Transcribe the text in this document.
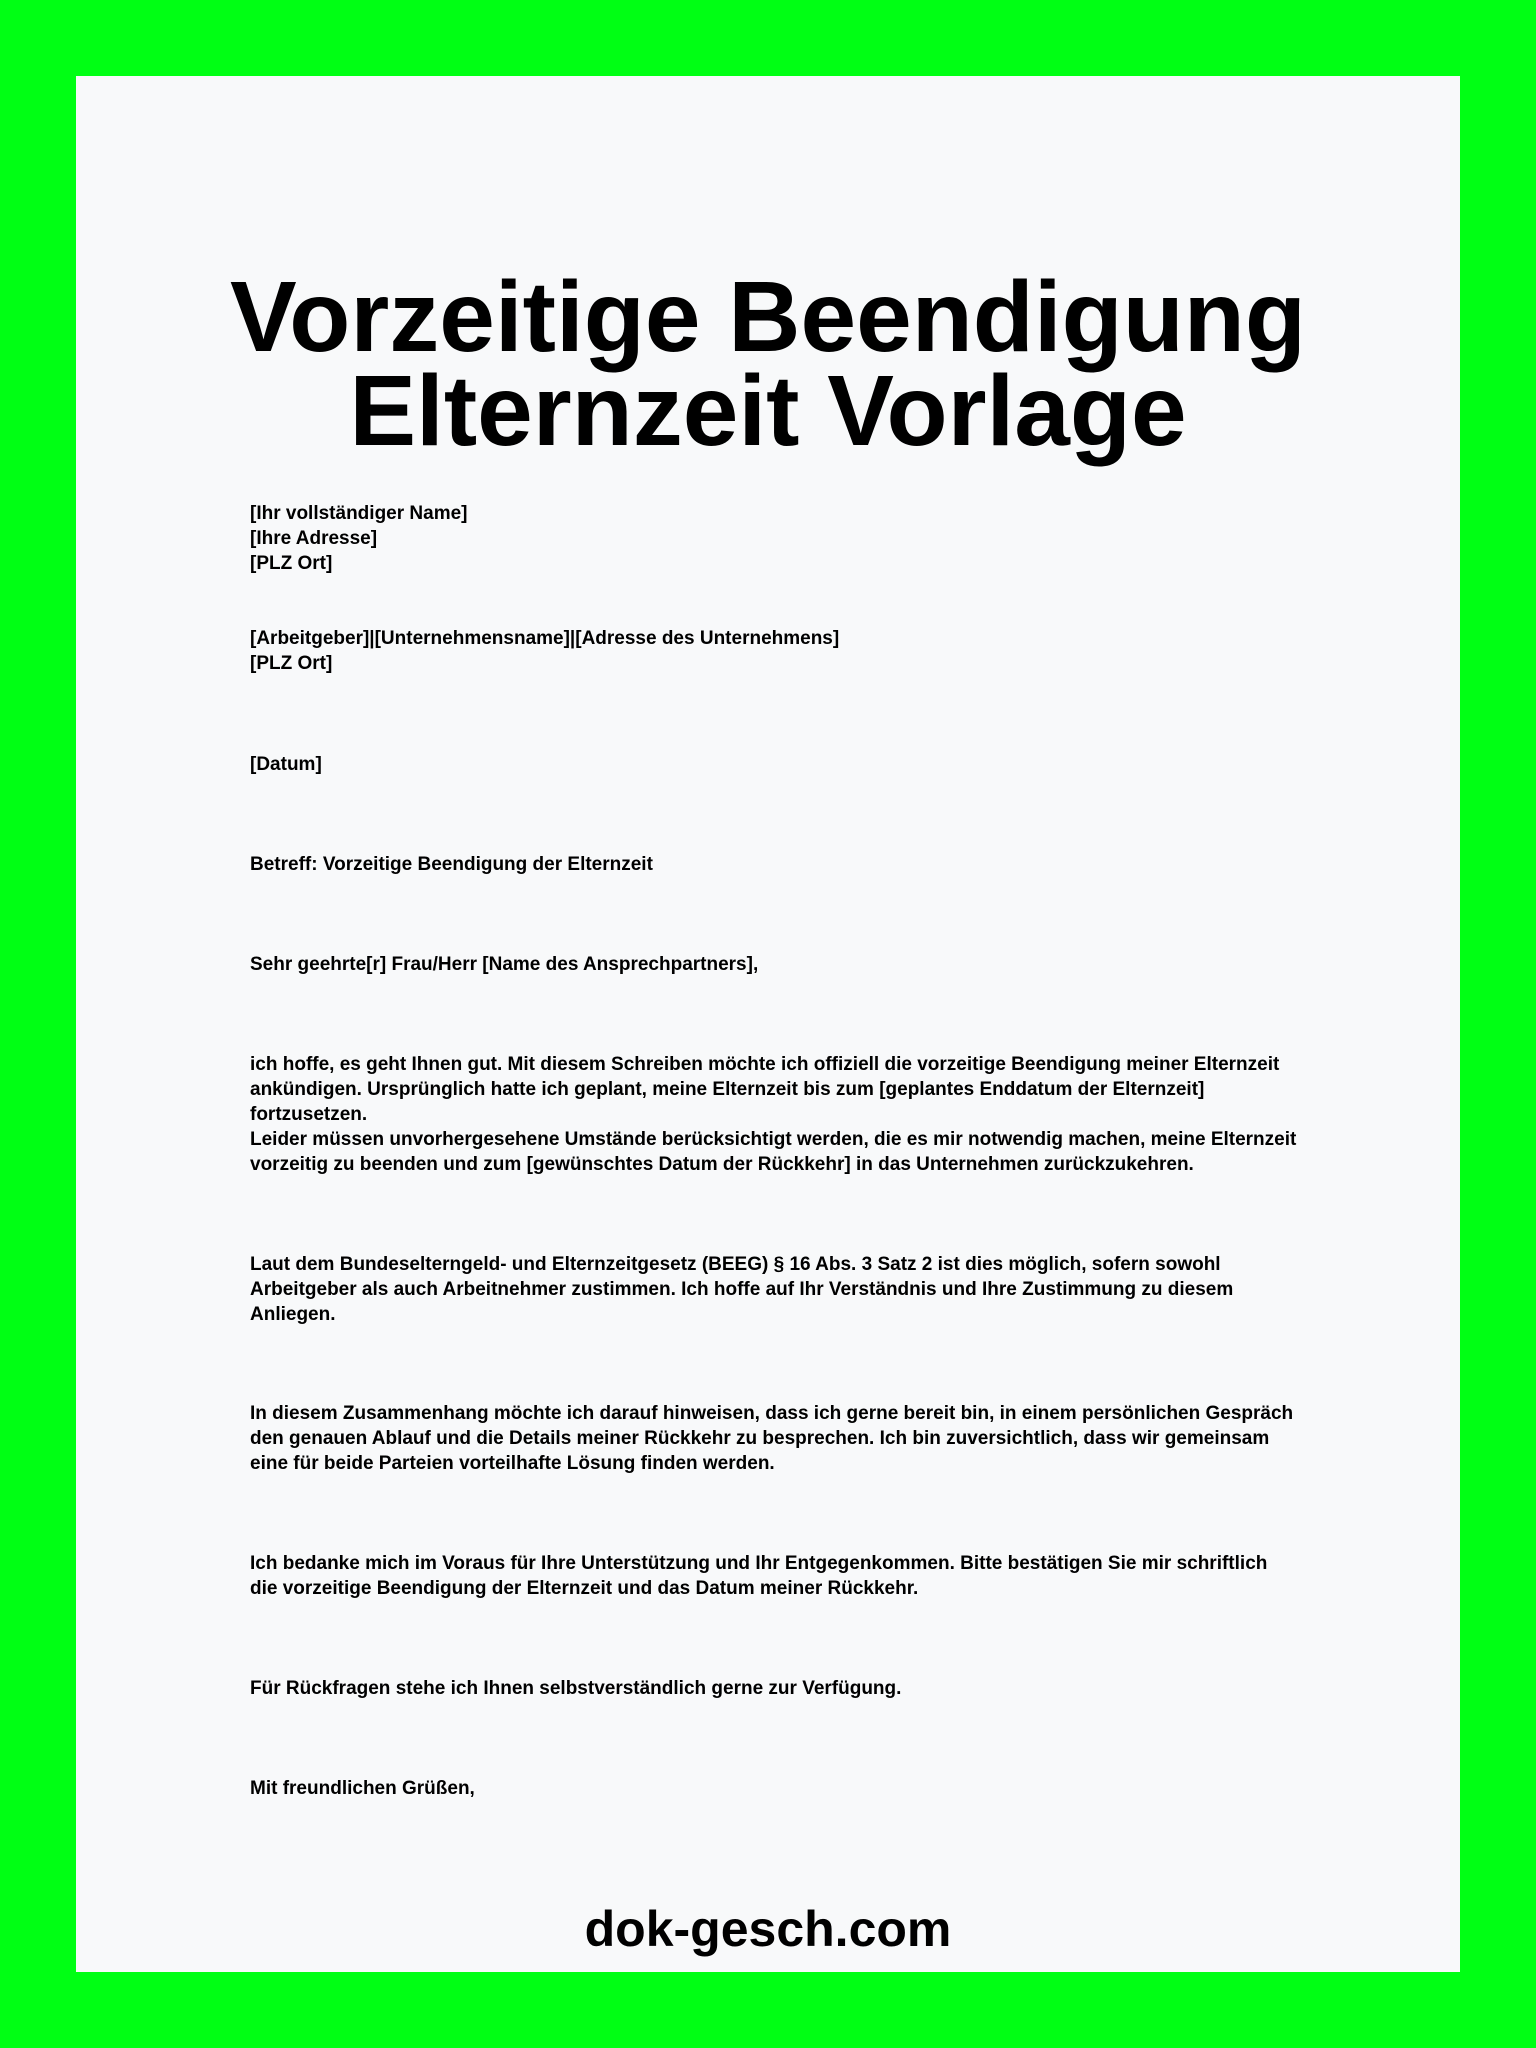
Vorzeitige Beendigung
Elternzeit Vorlage
[Ihr vollständiger Name]
[Ihre Adresse]
[PLZ Ort]
[Arbeitgeber]|[Unternehmensname]|[Adresse des Unternehmens]
[PLZ Ort]
[Datum]
Betreff: Vorzeitige Beendigung der Elternzeit
Sehr geehrte[r] Frau/Herr [Name des Ansprechpartners],
ich hoffe, es geht Ihnen gut. Mit diesem Schreiben möchte ich offiziell die vorzeitige Beendigung meiner Elternzeit ankündigen. Ursprünglich hatte ich geplant, meine Elternzeit bis zum [geplantes Enddatum der Elternzeit] fortzusetzen.
Leider müssen unvorhergesehene Umstände berücksichtigt werden, die es mir notwendig machen, meine Elternzeit vorzeitig zu beenden und zum [gewünschtes Datum der Rückkehr] in das Unternehmen zurückzukehren.
Laut dem Bundeselterngeld- und Elternzeitgesetz (BEEG) § 16 Abs. 3 Satz 2 ist dies möglich, sofern sowohl Arbeitgeber als auch Arbeitnehmer zustimmen. Ich hoffe auf Ihr Verständnis und Ihre Zustimmung zu diesem Anliegen.
In diesem Zusammenhang möchte ich darauf hinweisen, dass ich gerne bereit bin, in einem persönlichen Gespräch den genauen Ablauf und die Details meiner Rückkehr zu besprechen. Ich bin zuversichtlich, dass wir gemeinsam eine für beide Parteien vorteilhafte Lösung finden werden.
Ich bedanke mich im Voraus für Ihre Unterstützung und Ihr Entgegenkommen. Bitte bestätigen Sie mir schriftlich die vorzeitige Beendigung der Elternzeit und das Datum meiner Rückkehr.
Für Rückfragen stehe ich Ihnen selbstverständlich gerne zur Verfügung.
Mit freundlichen Grüßen,
dok-gesch.com
